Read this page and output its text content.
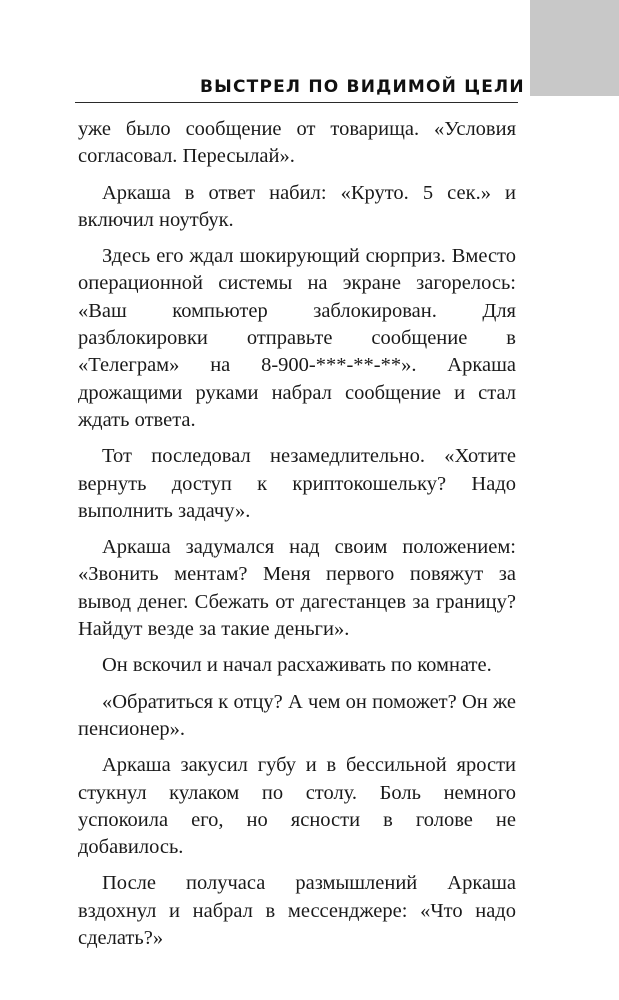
ВЫСТРЕЛ ПО ВИДИМОЙ ЦЕЛИ

уже было сообщение от товарища. «Условия согласовал. Пересылай».

Аркаша в ответ набил: «Круто. 5 сек.» и включил ноутбук.

Здесь его ждал шокирующий сюрприз. Вместо операционной системы на экране загорелось: «Ваш компьютер заблокирован. Для разблокировки отправьте сообщение в «Телеграм» на 8-900-***-**-**». Аркаша дрожащими руками набрал сообщение и стал ждать ответа.

Тот последовал незамедлительно. «Хотите вернуть доступ к криптокошельку? Надо выполнить задачу».

Аркаша задумался над своим положением: «Звонить ментам? Меня первого повяжут за вывод денег. Сбежать от дагестанцев за границу? Найдут везде за такие деньги».

Он вскочил и начал расхаживать по комнате.

«Обратиться к отцу? А чем он поможет? Он же пенсионер».

Аркаша закусил губу и в бессильной ярости стукнул кулаком по столу. Боль немного успокоила его, но ясности в голове не добавилось.

После получаса размышлений Аркаша вздохнул и набрал в мессенджере: «Что надо сделать?»
